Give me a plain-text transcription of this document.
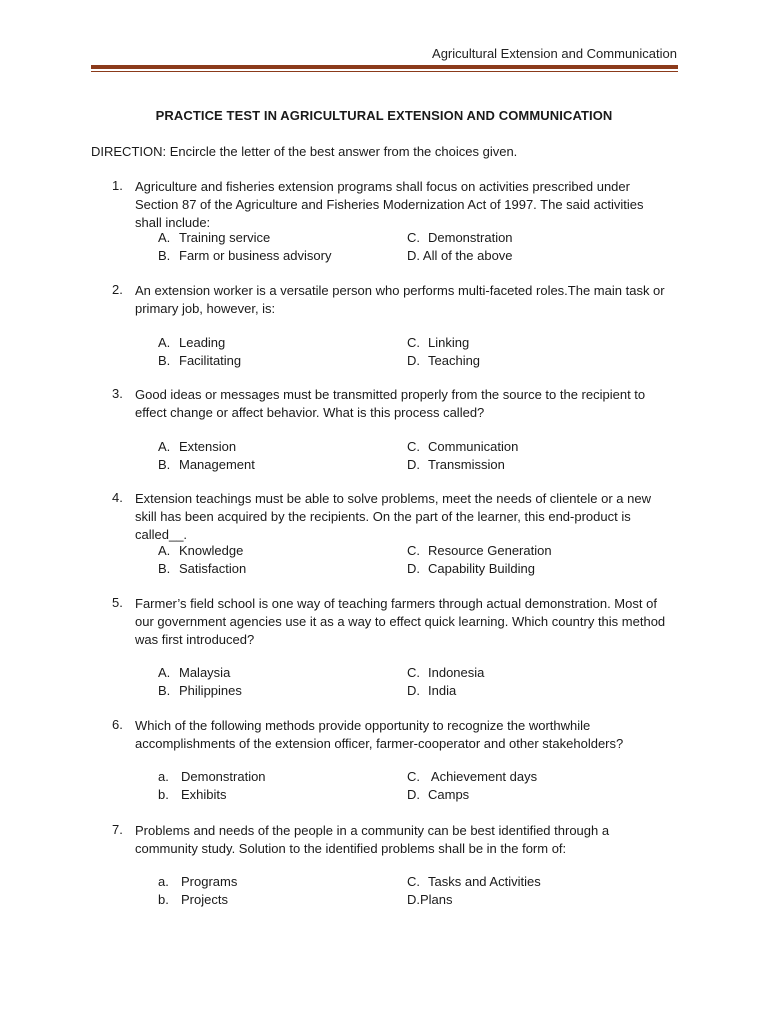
Agricultural Extension and Communication
PRACTICE TEST IN AGRICULTURAL EXTENSION AND COMMUNICATION
DIRECTION: Encircle the letter of the best answer from the choices given.
1. Agriculture and fisheries extension programs shall focus on activities prescribed under Section 87 of the Agriculture and Fisheries Modernization Act of 1997. The said activities shall include:
A. Training service	C. Demonstration
B. Farm or business advisory	D. All of the above
2. An extension worker is a versatile person who performs multi-faceted roles.The main task or primary job, however, is:
A. Leading	C. Linking
B. Facilitating	D. Teaching
3. Good ideas or messages must be transmitted properly from the source to the recipient to effect change or affect behavior. What is this process called?
A. Extension	C. Communication
B. Management	D. Transmission
4. Extension teachings must be able to solve problems, meet the needs of clientele or a new skill has been acquired by the recipients. On the part of the learner, this end-product is called__.
A. Knowledge	C. Resource Generation
B. Satisfaction	D. Capability Building
5. Farmer’s field school is one way of teaching farmers through actual demonstration. Most of our government agencies use it as a way to effect quick learning. Which country this method was first introduced?
A. Malaysia	C. Indonesia
B. Philippines	D. India
6. Which of the following methods provide opportunity to recognize the worthwhile accomplishments of the extension officer, farmer-cooperator and other stakeholders?
a. Demonstration	C. Achievement days
b. Exhibits	D. Camps
7. Problems and needs of the people in a community can be best identified through a community study. Solution to the identified problems shall be in the form of:
a. Programs	C. Tasks and Activities
b. Projects	D.Plans
